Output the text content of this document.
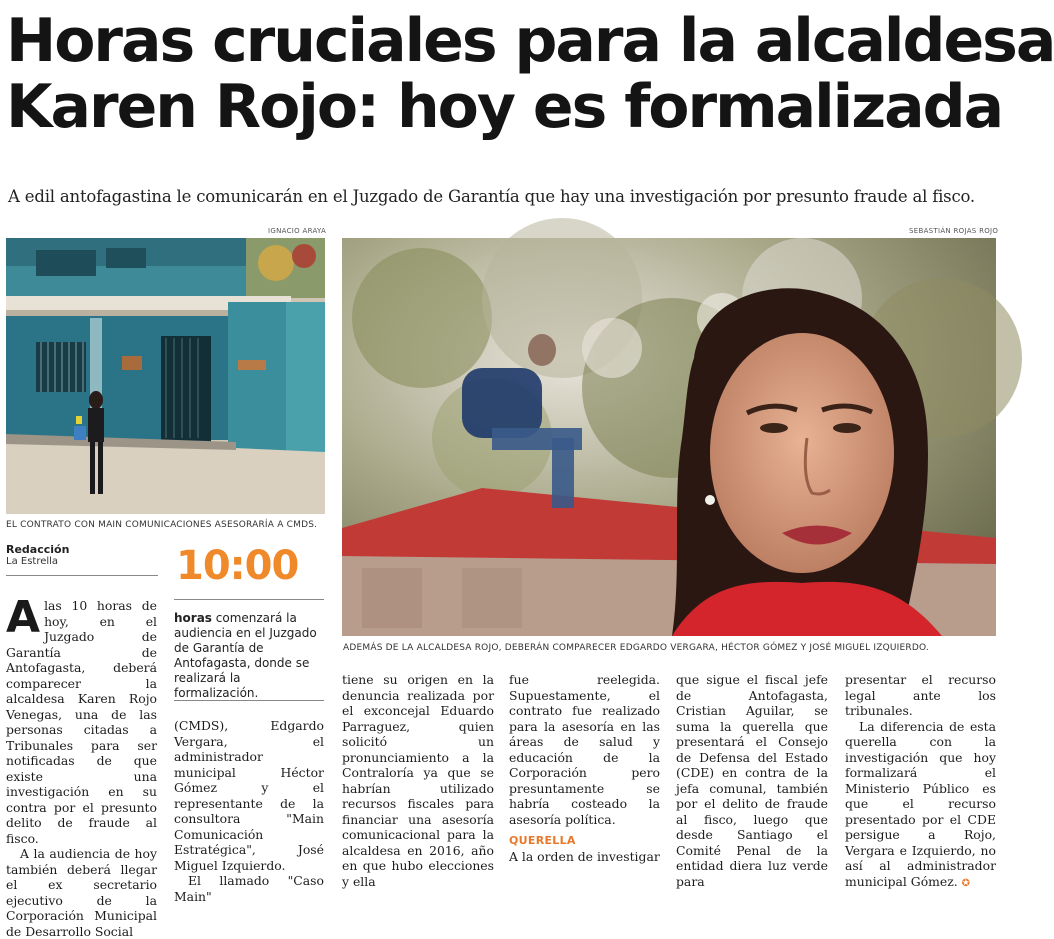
Horas cruciales para la alcaldesa
Karen Rojo: hoy es formalizada
A edil antofagastina le comunicarán en el Juzgado de Garantía que hay una investigación por presunto fraude al fisco.
IGNACIO ARAYA	SEBASTIÁN ROJAS ROJO
EL CONTRATO CON MAIN COMUNICACIONES ASESORARÍA A CMDS.
ADEMÁS DE LA ALCALDESA ROJO, DEBERÁN COMPARECER EDGARDO VERGARA, HÉCTOR GÓMEZ Y JOSÉ MIGUEL IZQUIERDO.
Redacción
La Estrella	10:00
horas comenzará la audiencia en el Juzgado de Garantía de Antofagasta, donde se realizará la formalización.

Alas 10 horas de hoy, en el Juzgado de Garantía de Antofagasta, deberá comparecer la alcaldesa Karen Rojo Venegas, una de las personas citadas a Tribunales para ser notificadas de que existe una investigación en su contra por el presunto delito de fraude al fisco.

A la audiencia de hoy también deberá llegar el ex secretario ejecutivo de la Corporación Municipal de Desarrollo Social

(CMDS), Edgardo Vergara, el administrador municipal Héctor Gómez y el representante de la consultora "Main Comunicación Estratégica", José Miguel Izquierdo.

El llamado "Caso Main"

tiene su origen en la denuncia realizada por el exconcejal Eduardo Parraguez, quien solicitó un pronunciamiento a la Contraloría ya que se habrían utilizado recursos fiscales para financiar una asesoría comunicacional para la alcaldesa en 2016, año en que hubo elecciones y ella

fue reelegida. Supuestamente, el contrato fue realizado para la asesoría en las áreas de salud y educación de la Corporación pero presuntamente se habría costeado la asesoría política.

QUERELLA

A la orden de investigar

que sigue el fiscal jefe de Antofagasta, Cristian Aguilar, se suma la querella que presentará el Consejo de Defensa del Estado (CDE) en contra de la jefa comunal, también por el delito de fraude al fisco, luego que desde Santiago el Comité Penal de la entidad diera luz verde para

presentar el recurso legal ante los tribunales.

La diferencia de esta querella con la investigación que hoy formalizará el Ministerio Público es que el recurso presentado por el CDE persigue a Rojo, Vergara e Izquierdo, no así al administrador municipal Gómez. ✪
